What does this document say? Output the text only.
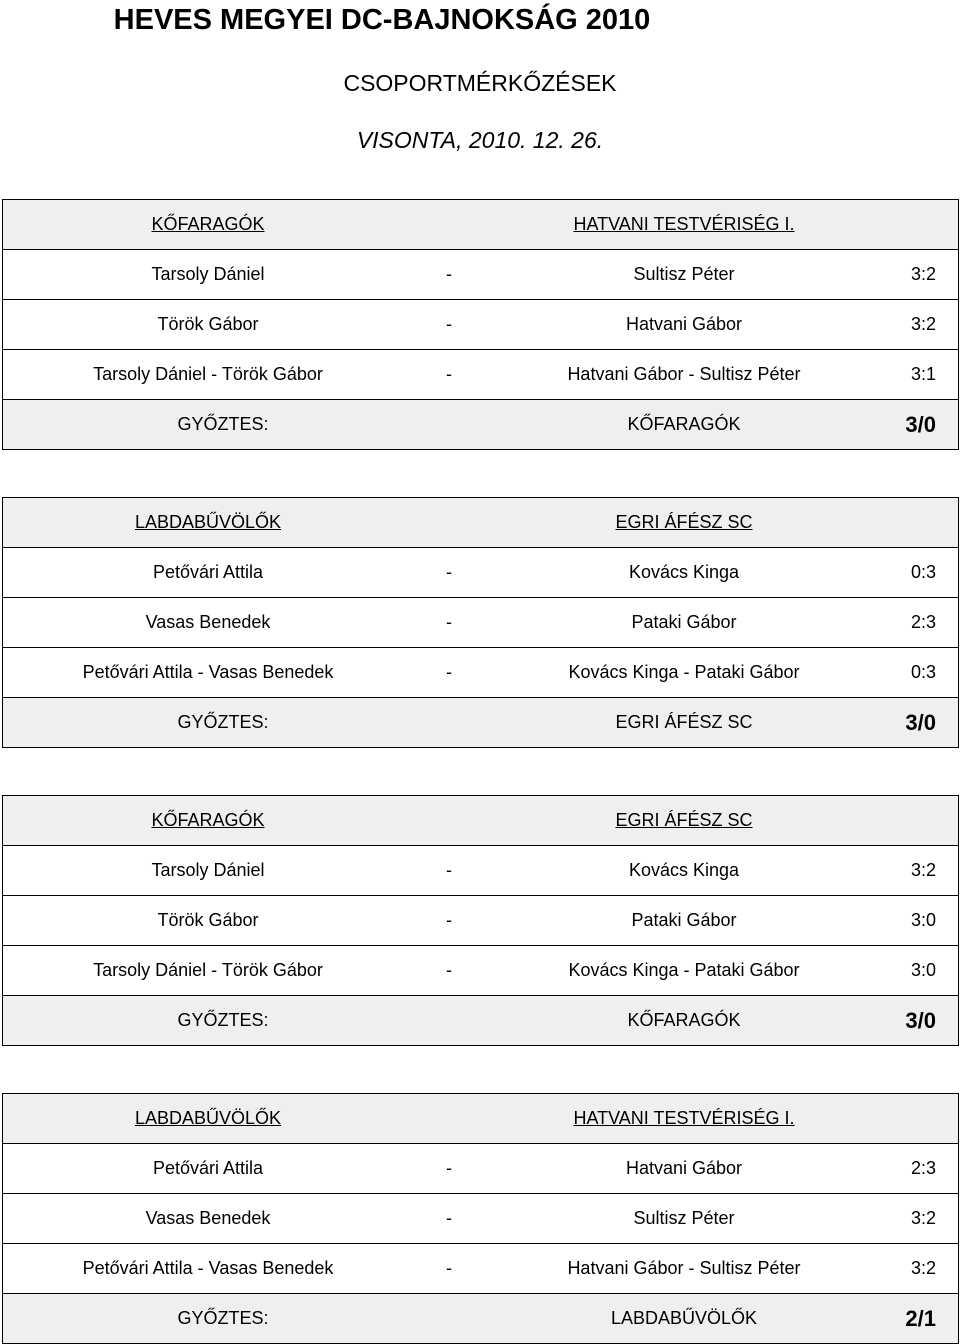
HEVES MEGYEI DC-BAJNOKSÁG 2010
CSOPORTMÉRKŐZÉSEK
VISONTA, 2010. 12. 26.
KŐFARAGÓK	HATVANI TESTVÉRISÉG I.
Tarsoly Dániel	-	Sultisz Péter	3:2
Török Gábor	-	Hatvani Gábor	3:2
Tarsoly Dániel - Török Gábor	-	Hatvani Gábor - Sultisz Péter	3:1
GYŐZTES:	KŐFARAGÓK	3/0
LABDABŰVÖLŐK	EGRI ÁFÉSZ SC
Petővári Attila	-	Kovács Kinga	0:3
Vasas Benedek	-	Pataki Gábor	2:3
Petővári Attila - Vasas Benedek	-	Kovács Kinga - Pataki Gábor	0:3
GYŐZTES:	EGRI ÁFÉSZ SC	3/0
KŐFARAGÓK	EGRI ÁFÉSZ SC
Tarsoly Dániel	-	Kovács Kinga	3:2
Török Gábor	-	Pataki Gábor	3:0
Tarsoly Dániel - Török Gábor	-	Kovács Kinga - Pataki Gábor	3:0
GYŐZTES:	KŐFARAGÓK	3/0
LABDABŰVÖLŐK	HATVANI TESTVÉRISÉG I.
Petővári Attila	-	Hatvani Gábor	2:3
Vasas Benedek	-	Sultisz Péter	3:2
Petővári Attila - Vasas Benedek	-	Hatvani Gábor - Sultisz Péter	3:2
GYŐZTES:	LABDABŰVÖLŐK	2/1
